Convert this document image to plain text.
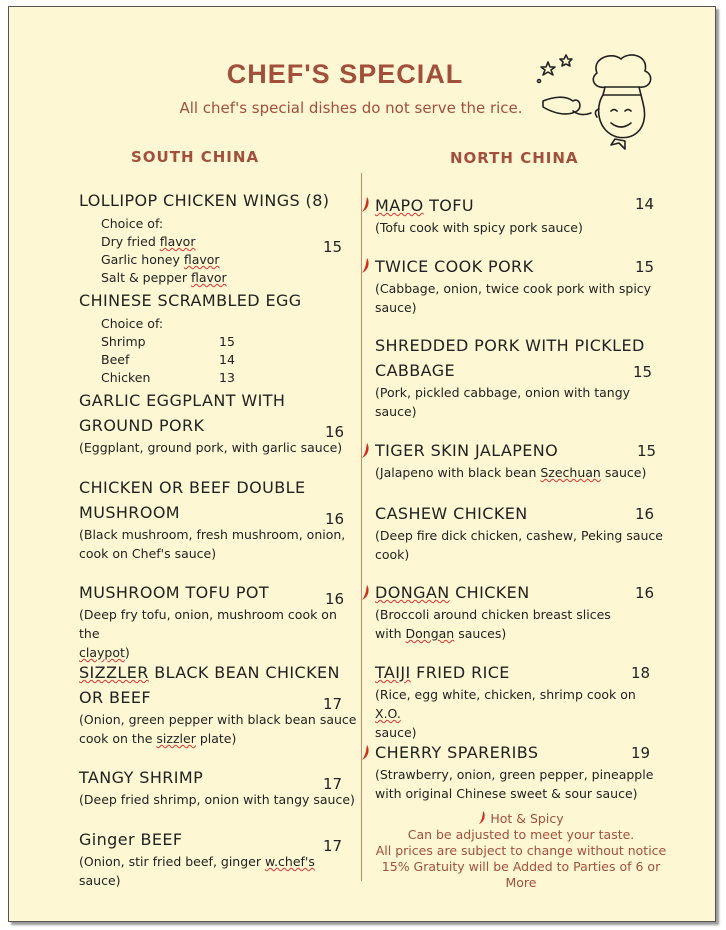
CHEF'S SPECIAL

All chef's special dishes do not serve the rice.

SOUTH CHINA	NORTH CHINA
LOLLIPOP CHICKEN WINGS (8)
Choice of:
Dry fried flavor
Garlic honey flavor
Salt & pepper flavor
15
CHINESE SCRAMBLED EGG
Choice of:
Shrimp	15
Beef	14
Chicken	13
GARLIC EGGPLANT WITH
GROUND PORK
(Eggplant, ground pork, with garlic sauce)
16
CHICKEN OR BEEF DOUBLE
MUSHROOM
(Black mushroom, fresh mushroom, onion,
cook on Chef's sauce)
16
MUSHROOM TOFU POT
(Deep fry tofu, onion, mushroom cook on the
claypot)
16
SIZZLER BLACK BEAN CHICKEN
OR BEEF
(Onion, green pepper with black bean sauce
cook on the sizzler plate)
17
TANGY SHRIMP
(Deep fried shrimp, onion with tangy sauce)
17
Ginger BEEF
(Onion, stir fried beef, ginger w.chef's sauce)
17
MAPO TOFU
(Tofu cook with spicy pork sauce)
14
TWICE COOK PORK
(Cabbage, onion, twice cook pork with spicy
sauce)
15
SHREDDED PORK WITH PICKLED
CABBAGE
(Pork, pickled cabbage, onion with tangy
sauce)
15
TIGER SKIN JALAPENO
(Jalapeno with black bean Szechuan sauce)
15
CASHEW CHICKEN
(Deep fire dick chicken, cashew, Peking sauce
cook)
16
DONGAN CHICKEN
(Broccoli around chicken breast slices
with Dongan sauces)
16
TAIJI FRIED RICE
(Rice, egg white, chicken, shrimp cook on X.O.
sauce)
18
CHERRY SPARERIBS
(Strawberry, onion, green pepper, pineapple
with original Chinese sweet & sour sauce)
19
Hot & Spicy
Can be adjusted to meet your taste.
All prices are subject to change without notice
15% Gratuity will be Added to Parties of 6 or More
